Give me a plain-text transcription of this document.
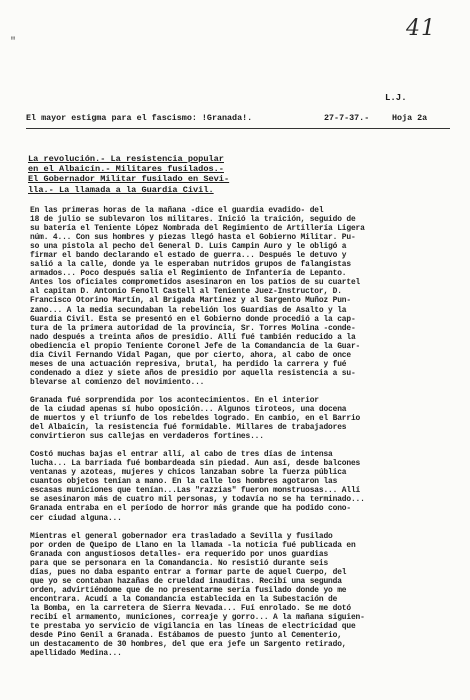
41
"
L.J.
El mayor estigma para el fascismo: !Granada!.	27-7-37.-	Hoja 2a
La revolución.- La resistencia popular
en el Albaicín.- Militares fusilados.-
El Gobernador Militar fusilado en Sevi-
lla.- La llamada a la Guardia Civil.
En las primeras horas de la mañana -dice el guardia evadido- del
18 de julio se sublevaron los militares. Inició la traición, seguido de
su batería el Teniente López Nombrada del Regimiento de Artillería Ligera
núm. 4... Con sus hombres y piezas llegó hasta el Gobierno Militar. Pu-
so una pistola al pecho del General D. Luis Campin Auro y le obligó a
firmar el bando declarando el estado de guerra... Después le detuvo y
salió a la calle, donde ya le esperaban nutridos grupos de falangistas
armados... Poco después salía el Regimiento de Infantería de Lepanto.
Antes los oficiales comprometidos asesinaron en los patios de su cuartel
al capitan D. Antonio Fenoll Castell al Teniente Juez-Instructor, D.
Francisco Otorino Martín, al Brigada Martínez y al Sargento Muñoz Pun-
zano... A la media secundaban la rebelión los Guardias de Asalto y la
Guardia Civil. Esta se presentó en el Gobierno donde procedió a la cap-
tura de la primera autoridad de la provincia, Sr. Torres Molina -conde-
nado después a treinta años de presidio. Allí fué también reducido a la
obediencia el propio Teniente Coronel Jefe de la Comandancia de la Guar-
dia Civil Fernando Vidal Pagan, que por cierto, ahora, al cabo de once
meses de una actuación represiva, brutal, ha perdido la carrera y fué
condenado a diez y siete años de presidio por aquella resistencia a su-
blevarse al comienzo del movimiento...
Granada fué sorprendida por los acontecimientos. En el interior
de la ciudad apenas sí hubo oposición... Algunos tiroteos, una docena
de muertos y el triunfo de los rebeldes logrado. En cambio, en el Barrio
del Albaicín, la resistencia fué formidable. Millares de trabajadores
convirtieron sus callejas en verdaderos fortines...
Costó muchas bajas el entrar allí, al cabo de tres días de intensa
lucha... La barriada fué bombardeada sin piedad. Aun así, desde balcones
ventanas y azoteas, mujeres y chicos lanzaban sobre la fuerza pública
cuantos objetos tenían a mano. En la calle los hombres agotaron las
escasas municiones que tenían...Las "razzias" fueron monstruosas... Allí
se asesinaron más de cuatro mil personas, y todavía no se ha terminado...
Granada entraba en el período de horror más grande que ha podido cono-
cer ciudad alguna...
Mientras el general gobernador era trasladado a Sevilla y fusilado
por orden de Queipo de Llano en la llamada -la noticia fué publicada en
Granada con angustiosos detalles- era requerido por unos guardias
para que se personara en la Comandancia. No resistió durante seis
días, pues no daba espanto entrar a formar parte de aquel Cuerpo, del
que yo se contaban hazañas de crueldad inauditas. Recibí una segunda
orden, advirtiéndome que de no presentarme sería fusilado donde yo me
encontrara. Acudí a la Comandancia establecida en la Subestación de
la Bomba, en la carretera de Sierra Nevada... Fuí enrolado. Se me dotó
recibí el armamento, municiones, correaje y gorro... A la mañana siguien-
te prestaba yo servicio de vigilancia en las líneas de electricidad que
desde Pino Genil a Granada. Estábamos de puesto junto al Cementerio,
un destacamento de 30 hombres, del que era jefe un Sargento retirado,
apellidado Medina...
